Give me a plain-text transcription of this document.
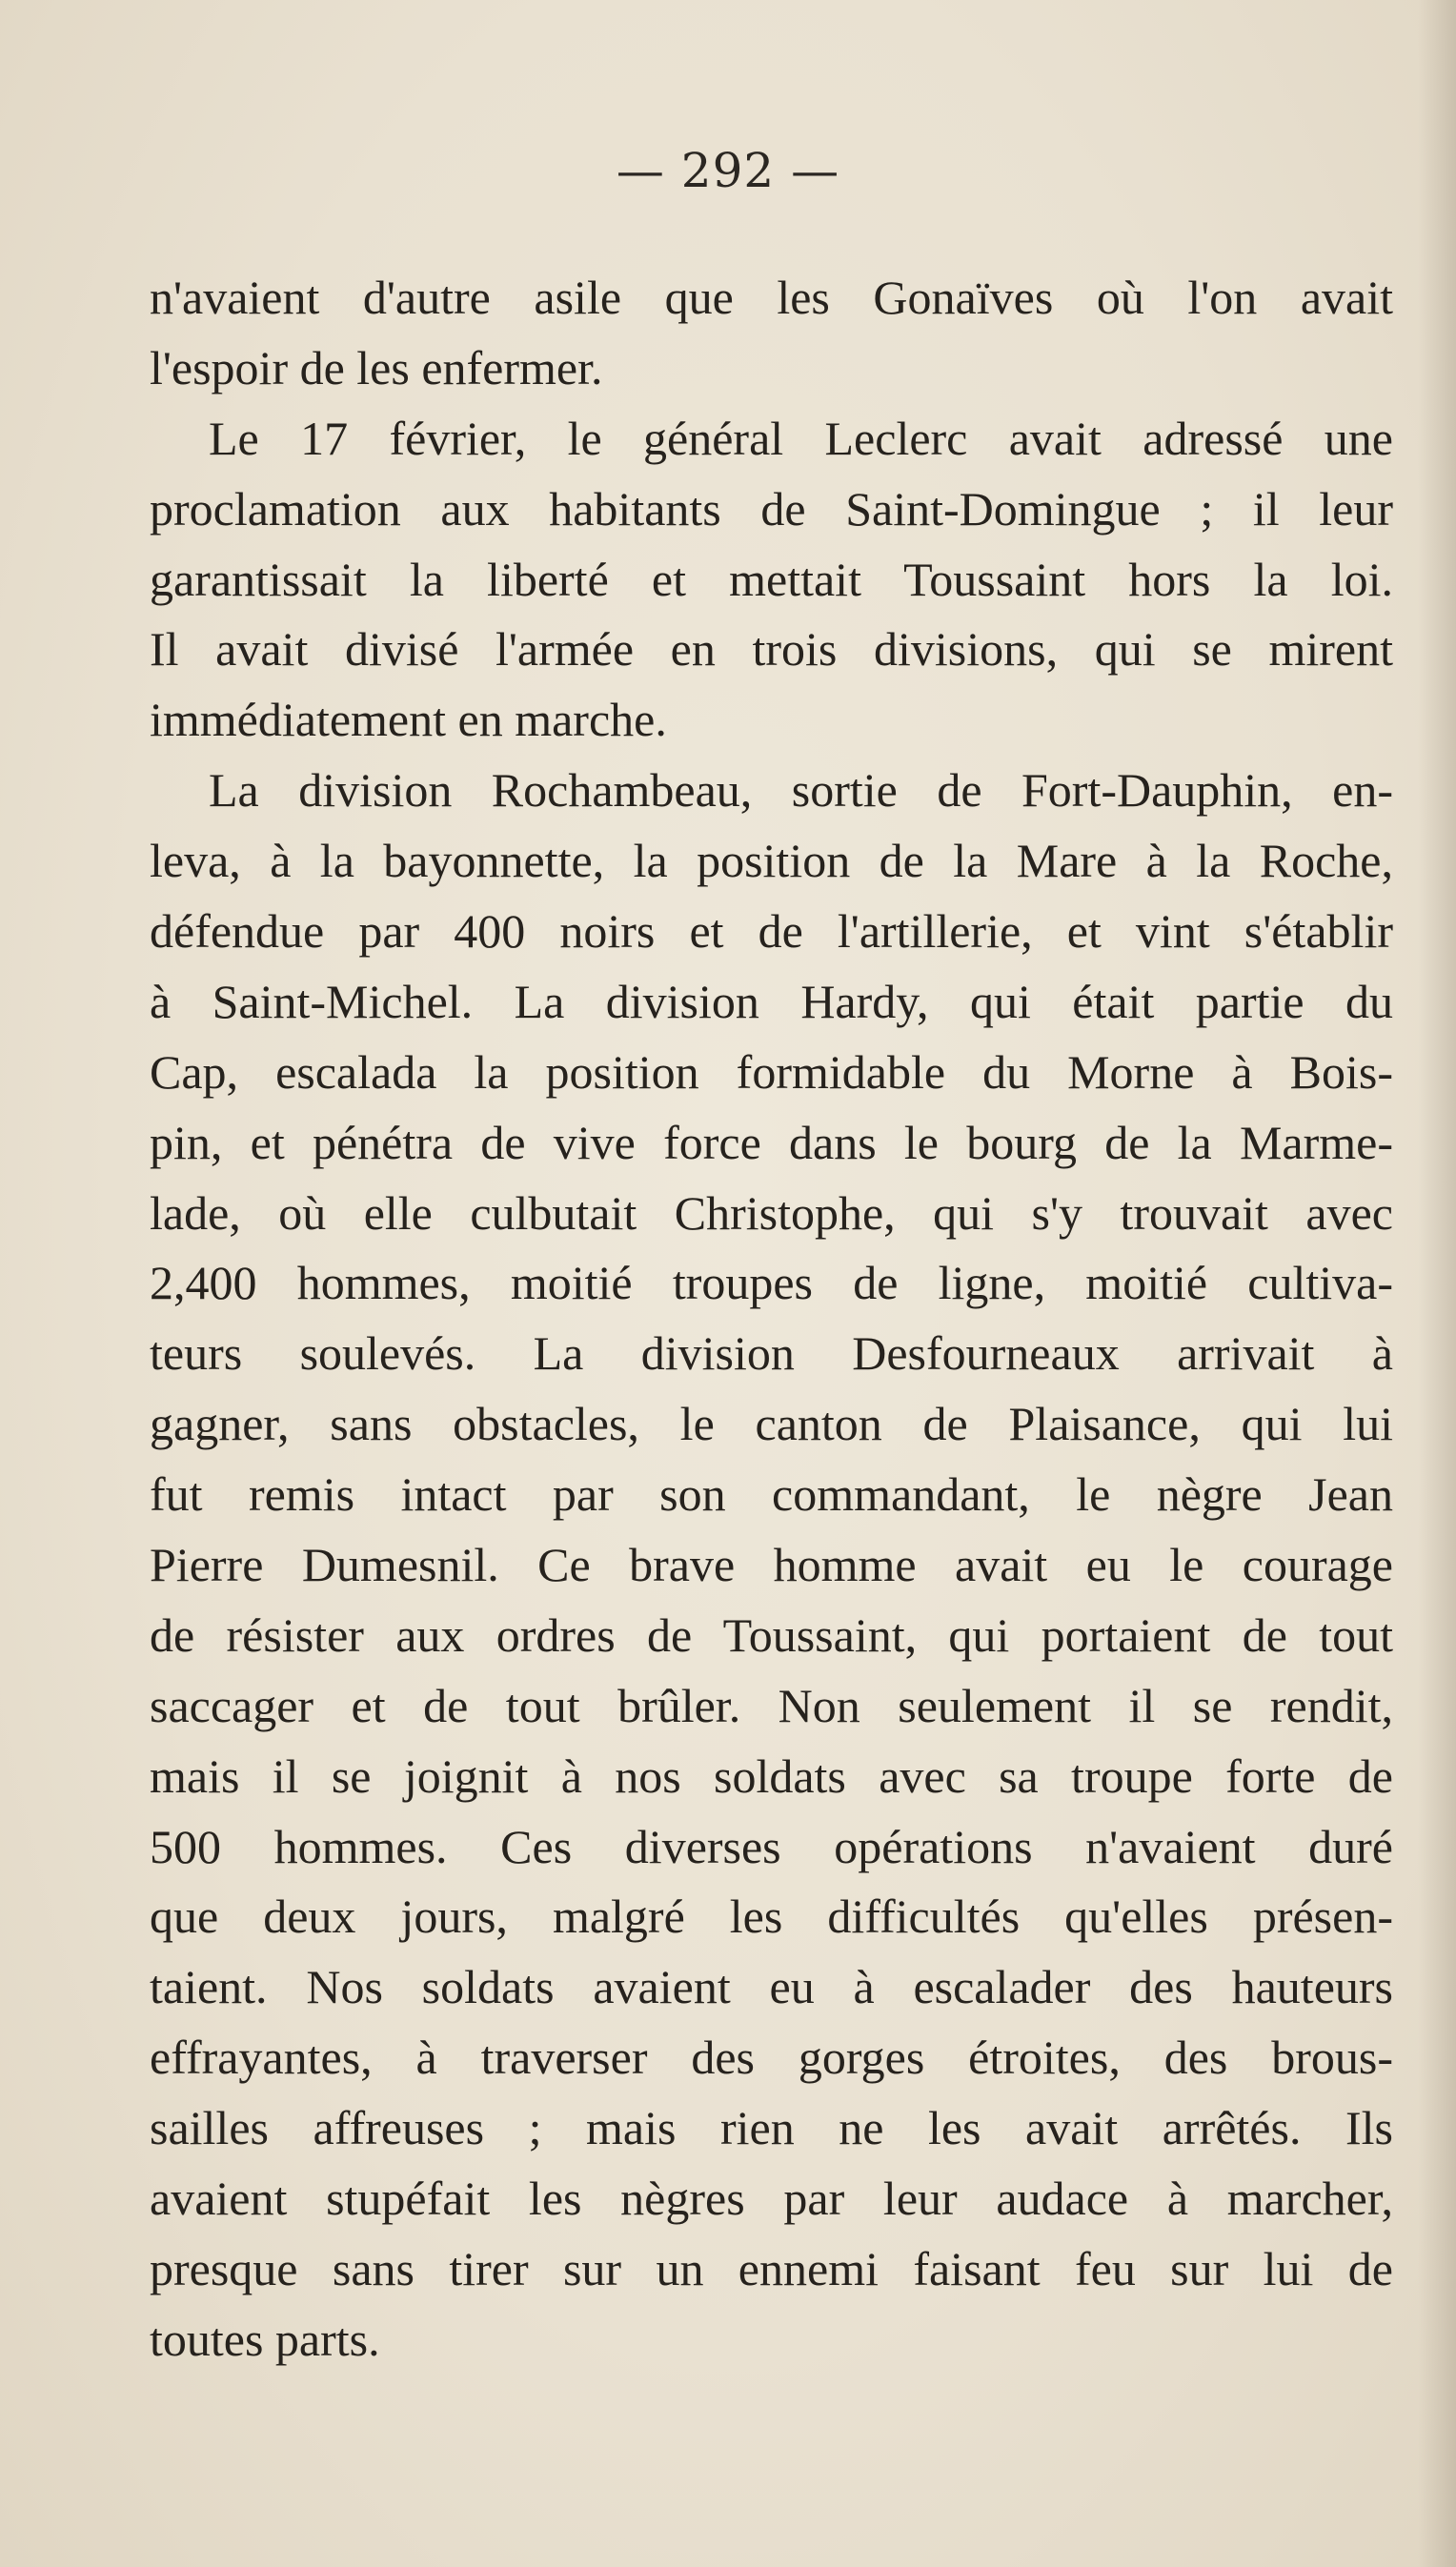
— 292 —
n'avaient d'autre asile que les Gonaïves où l'on avait
l'espoir de les enfermer.
Le 17 février, le général Leclerc avait adressé une
proclamation aux habitants de Saint-Domingue ; il leur
garantissait la liberté et mettait Toussaint hors la loi.
Il avait divisé l'armée en trois divisions, qui se mirent
immédiatement en marche.
La division Rochambeau, sortie de Fort-Dauphin, en-
leva, à la bayonnette, la position de la Mare à la Roche,
défendue par 400 noirs et de l'artillerie, et vint s'établir
à Saint-Michel. La division Hardy, qui était partie du
Cap, escalada la position formidable du Morne à Bois-
pin, et pénétra de vive force dans le bourg de la Marme-
lade, où elle culbutait Christophe, qui s'y trouvait avec
2,400 hommes, moitié troupes de ligne, moitié cultiva-
teurs soulevés. La division Desfourneaux arrivait à
gagner, sans obstacles, le canton de Plaisance, qui lui
fut remis intact par son commandant, le nègre Jean
Pierre Dumesnil. Ce brave homme avait eu le courage
de résister aux ordres de Toussaint, qui portaient de tout
saccager et de tout brûler. Non seulement il se rendit,
mais il se joignit à nos soldats avec sa troupe forte de
500 hommes. Ces diverses opérations n'avaient duré
que deux jours, malgré les difficultés qu'elles présen-
taient. Nos soldats avaient eu à escalader des hauteurs
effrayantes, à traverser des gorges étroites, des brous-
sailles affreuses ; mais rien ne les avait arrêtés. Ils
avaient stupéfait les nègres par leur audace à marcher,
presque sans tirer sur un ennemi faisant feu sur lui de
toutes parts.
